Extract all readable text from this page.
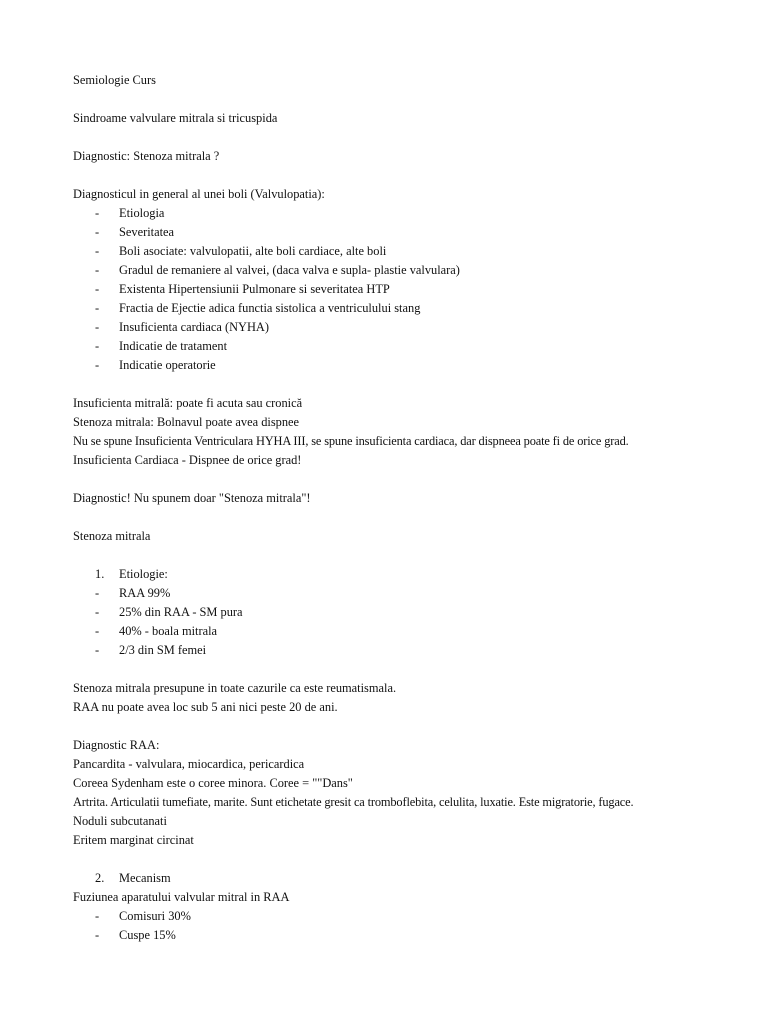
Semiologie Curs
Sindroame valvulare mitrala si tricuspida
Diagnostic: Stenoza mitrala ?
Diagnosticul in general al unei boli (Valvulopatia):
- Etiologia
- Severitatea
- Boli asociate: valvulopatii, alte boli cardiace, alte boli
- Gradul de remaniere al valvei, (daca valva e supla- plastie valvulara)
- Existenta Hipertensiunii Pulmonare si severitatea HTP
- Fractia de Ejectie adica functia sistolica a ventriculului stang
- Insuficienta cardiaca (NYHA)
- Indicatie de tratament
- Indicatie operatorie
Insuficienta mitrală: poate fi acuta sau cronică
Stenoza mitrala: Bolnavul poate avea dispnee
Nu se spune Insuficienta Ventriculara HYHA III, se spune insuficienta cardiaca, dar dispneea poate fi de orice grad.
Insuficienta Cardiaca - Dispnee de orice grad!
Diagnostic! Nu spunem doar "Stenoza mitrala"!
Stenoza mitrala
1. Etiologie:
- RAA 99%
- 25% din RAA - SM pura
- 40% - boala mitrala
- 2/3 din SM femei
Stenoza mitrala presupune in toate cazurile ca este reumatismala.
RAA nu poate avea loc sub 5 ani nici peste 20 de ani.
Diagnostic RAA:
Pancardita - valvulara, miocardica, pericardica
Coreea Sydenham este o coree minora. Coree = ""Dans"
Artrita. Articulatii tumefiate, marite. Sunt etichetate gresit ca tromboflebita, celulita, luxatie. Este migratorie, fugace.
Noduli subcutanati
Eritem marginat circinat
2. Mecanism
Fuziunea aparatului valvular mitral in RAA
- Comisuri 30%
- Cuspe 15%
